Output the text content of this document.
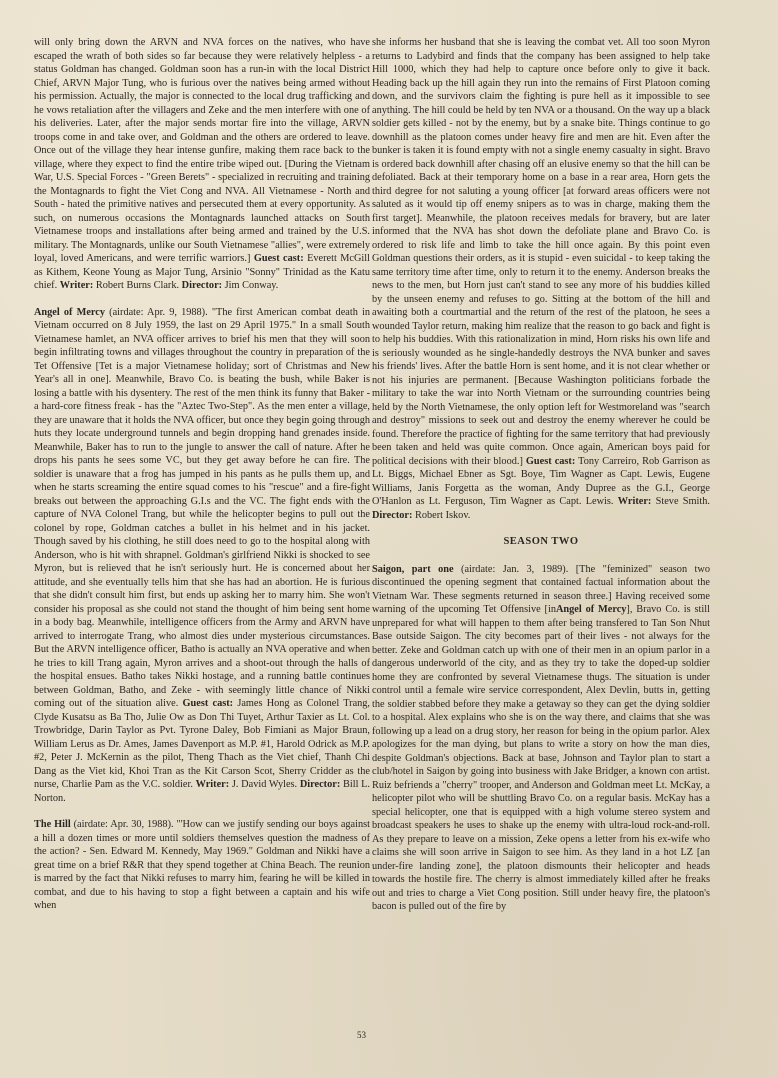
will only bring down the ARVN and NVA forces on the natives, who have escaped the wrath of both sides so far because they were relatively helpless - a status Goldman has changed. Goldman soon has a run-in with the local District Chief, ARVN Major Tung, who is furious over the natives being armed without his permission. Actually, the major is connected to the local drug trafficking and he vows retaliation after the villagers and Zeke and the men interfere with one of his deliveries. Later, after the major sends mortar fire into the village, ARVN troops come in and take over, and Goldman and the others are ordered to leave. Once out of the village they hear intense gunfire, making them race back to the village, where they expect to find the entire tribe wiped out. [During the Vietnam War, U.S. Special Forces - "Green Berets" - specialized in recruiting and training the Montagnards to fight the Viet Cong and NVA. All Vietnamese - North and South - hated the primitive natives and persecuted them at every opportunity. As such, on numerous occasions the Montagnards launched attacks on South Vietnamese troops and installations after being armed and trained by the U.S. military. The Montagnards, unlike our South Vietnamese "allies", were extremely loyal, loved Americans, and were terrific warriors.] Guest cast: Everett McGill as Kithem, Keone Young as Major Tung, Arsinio "Sonny" Trinidad as the Katu chief. Writer: Robert Burns Clark. Director: Jim Conway.

Angel of Mercy (airdate: Apr. 9, 1988). "The first American combat death in Vietnam occurred on 8 July 1959, the last on 29 April 1975." In a small South Vietnamese hamlet, an NVA officer arrives to brief his men that they will soon begin infiltrating towns and villages throughout the country in preparation of the Tet Offensive [Tet is a major Vietnamese holiday; sort of Christmas and New Year's all in one]. Meanwhile, Bravo Co. is beating the bush, while Baker is losing a battle with his dysentery. The rest of the men think its funny that Baker - a hard-core fitness freak - has the "Aztec Two-Step". As the men enter a village, they are unaware that it holds the NVA officer, but once they begin going through huts they locate underground tunnels and begin dropping hand grenades inside. Meanwhile, Baker has to run to the jungle to answer the call of nature. After he drops his pants he sees some VC, but they get away before he can fire. The soldier is unaware that a frog has jumped in his pants as he pulls them up, and when he starts screaming the entire squad comes to his "rescue" and a fire-fight breaks out between the approaching G.I.s and the VC. The fight ends with the capture of NVA Colonel Trang, but while the helicopter begins to pull out the colonel by rope, Goldman catches a bullet in his helmet and in his jacket. Though saved by his clothing, he still does need to go to the hospital along with Anderson, who is hit with shrapnel. Goldman's girlfriend Nikki is shocked to see Myron, but is relieved that he isn't seriously hurt. He is concerned about her attitude, and she eventually tells him that she has had an abortion. He is furious that she didn't consult him first, but ends up asking her to marry him. She won't consider his proposal as she could not stand the thought of him being sent home in a body bag. Meanwhile, intelligence officers from the Army and ARVN have arrived to interrogate Trang, who almost dies under mysterious circumstances. But the ARVN intelligence officer, Batho is actually an NVA operative and when he tries to kill Trang again, Myron arrives and a shoot-out through the halls of the hospital ensues. Batho takes Nikki hostage, and a running battle continues between Goldman, Batho, and Zeke - with seemingly little chance of Nikki coming out of the situation alive. Guest cast: James Hong as Colonel Trang, Clyde Kusatsu as Ba Tho, Julie Ow as Don Thi Tuyet, Arthur Taxier as Lt. Col. Trowbridge, Darin Taylor as Pvt. Tyrone Daley, Bob Fimiani as Major Braun, William Lerus as Dr. Ames, James Davenport as M.P. #1, Harold Odrick as M.P. #2, Peter J. McKernin as the pilot, Theng Thach as the Viet chief, Thanh Chi Dang as the Viet kid, Khoi Tran as the Kit Carson Scot, Sherry Cridder as the nurse, Charlie Pam as the V.C. soldier. Writer: J. David Wyles. Director: Bill L. Norton.

The Hill (airdate: Apr. 30, 1988). "'How can we justify sending our boys against a hill a dozen times or more until soldiers themselves question the madness of the action? - Sen. Edward M. Kennedy, May 1969." Goldman and Nikki have a great time on a brief R&R that they spend together at China Beach. The reunion is marred by the fact that Nikki refuses to marry him, fearing he will be killed in combat, and due to his having to stop a fight between a captain and his wife when

she informs her husband that she is leaving the combat vet. All too soon Myron returns to Ladybird and finds that the company has been assigned to help take Hill 1000, which they had help to capture once before only to give it back. Heading back up the hill again they run into the remains of First Platoon coming down, and the survivors claim the fighting is pure hell as it impossible to see anything. The hill could be held by ten NVA or a thousand. On the way up a black soldier gets killed - not by the enemy, but by a snake bite. Things continue to go downhill as the platoon comes under heavy fire and men are hit. Even after the bunker is taken it is found empty with not a single enemy casualty in sight. Bravo is ordered back downhill after chasing off an elusive enemy so that the hill can be defoliated. Back at their temporary home on a base in a rear area, Horn gets the third degree for not saluting a young officer [at forward areas officers were not saluted as it would tip off enemy snipers as to was in charge, making them the first target]. Meanwhile, the platoon receives medals for bravery, but are later informed that the NVA has shot down the defoliate plane and Bravo Co. is ordered to risk life and limb to take the hill once again. By this point even Goldman questions their orders, as it is stupid - even suicidal - to keep taking the same territory time after time, only to return it to the enemy. Anderson breaks the news to the men, but Horn just can't stand to see any more of his buddies killed by the unseen enemy and refuses to go. Sitting at the bottom of the hill and awaiting both a courtmartial and the return of the rest of the platoon, he sees a wounded Taylor return, making him realize that the reason to go back and fight is to help his buddies. With this rationalization in mind, Horn risks his own life and is seriously wounded as he single-handedly destroys the NVA bunker and saves his friends' lives. After the battle Horn is sent home, and it is not clear whether or not his injuries are permanent. [Because Washington politicians forbade the military to take the war into North Vietnam or the surrounding countries being held by the North Vietnamese, the only option left for Westmoreland was "search and destroy" missions to seek out and destroy the enemy wherever he could be found. Therefore the practice of fighting for the same territory that had previously been taken and held was quite common. Once again, American boys paid for political decisions with their blood.] Guest cast: Tony Carreiro, Rob Garrison as Lt. Biggs, Michael Ebner as Sgt. Boye, Tim Wagner as Capt. Lewis, Eugene Williams, Janis Forgetta as the woman, Andy Dupree as the G.I., George O'Hanlon as Lt. Ferguson, Tim Wagner as Capt. Lewis. Writer: Steve Smith. Director: Robert Iskov.

SEASON TWO

Saigon, part one (airdate: Jan. 3, 1989). [The "feminized" season two discontinued the opening segment that contained factual information about the Vietnam War. These segments returned in season three.] Having received some warning of the upcoming Tet Offensive [inAngel of Mercy], Bravo Co. is still unprepared for what will happen to them after being transfered to Tan Son Nhut Base outside Saigon. The city becomes part of their lives - not always for the better. Zeke and Goldman catch up with one of their men in an opium parlor in a dangerous underworld of the city, and as they try to take the doped-up soldier home they are confronted by several Vietnamese thugs. The situation is under control until a female wire service correspondent, Alex Devlin, butts in, getting the soldier stabbed before they make a getaway so they can get the dying soldier to a hospital. Alex explains who she is on the way there, and claims that she was following up a lead on a drug story, her reason for being in the opium parlor. Alex apologizes for the man dying, but plans to write a story on how the man dies, despite Goldman's objections. Back at base, Johnson and Taylor plan to start a club/hotel in Saigon by going into business with Jake Bridger, a known con artist. Ruiz befriends a "cherry" trooper, and Anderson and Goldman meet Lt. McKay, a helicopter pilot who will be shuttling Bravo Co. on a regular basis. McKay has a special helicopter, one that is equipped with a high volume stereo system and broadcast speakers he uses to shake up the enemy with ultra-loud rock-and-roll. As they prepare to leave on a mission, Zeke opens a letter from his ex-wife who claims she will soon arrive in Saigon to see him. As they land in a hot LZ [an under-fire landing zone], the platoon dismounts their helicopter and heads towards the hostile fire. The cherry is almost immediately killed after he freaks out and tries to charge a Viet Cong position. Still under heavy fire, the platoon's bacon is pulled out of the fire by

53
